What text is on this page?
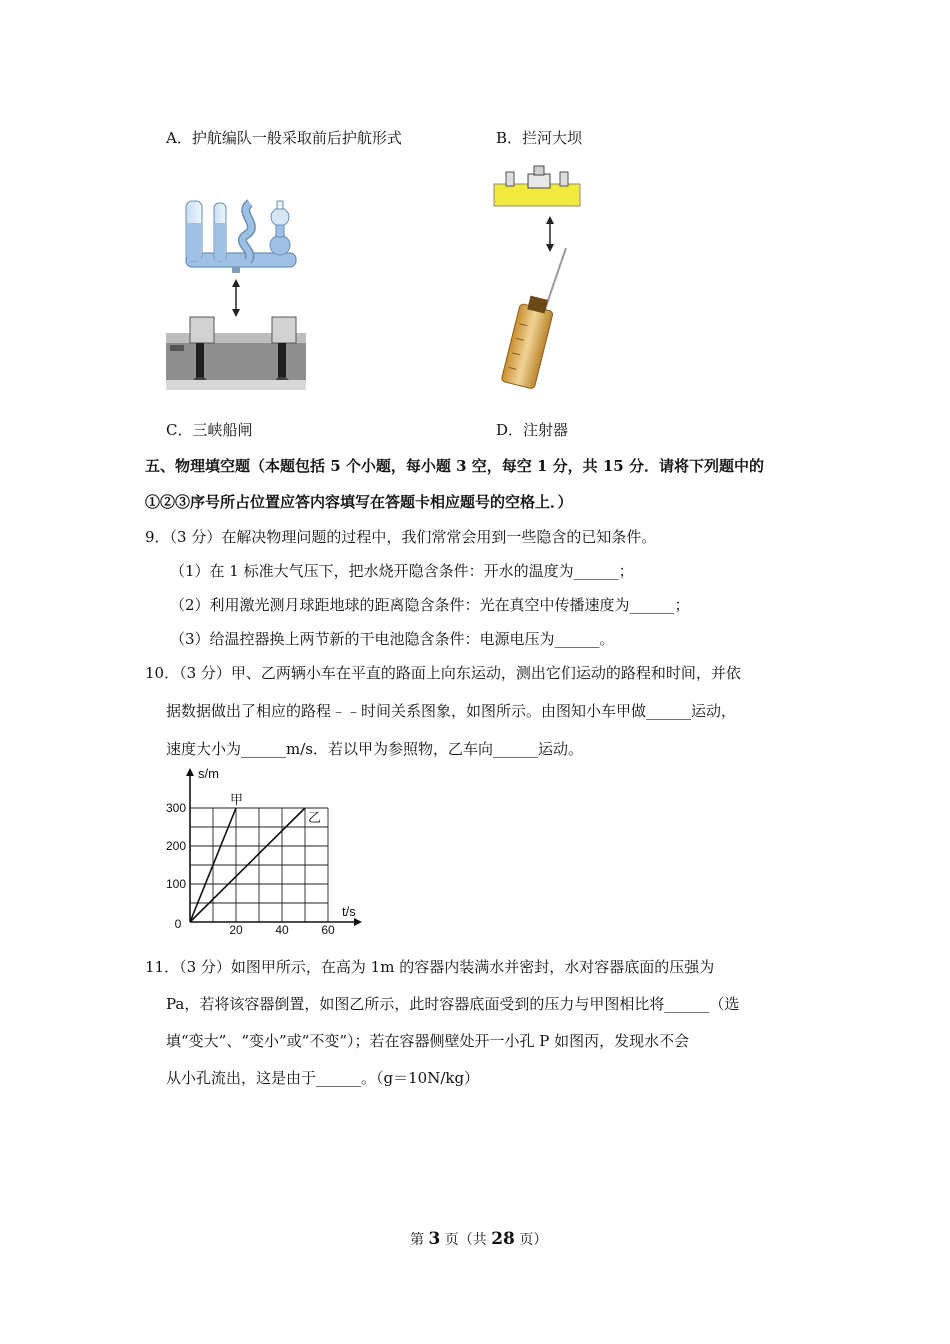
A．护航编队一般采取前后护航形式	B．拦河大坝
C．三峡船闸	D．注射器
五、物理填空题（本题包括 5 个小题，每小题 3 空，每空 1 分，共 15 分．请将下列题中的
①②③序号所占位置应答内容填写在答题卡相应题号的空格上．）
9．（3 分）在解决物理问题的过程中，我们常常会用到一些隐含的已知条件。
（1）在 1 标准大气压下，把水烧开隐含条件：开水的温度为______；
（2）利用激光测月球距地球的距离隐含条件：光在真空中传播速度为______；
（3）给温控器换上两节新的干电池隐含条件：电源电压为______。
10．（3 分）甲、乙两辆小车在平直的路面上向东运动，测出它们运动的路程和时间，并依
据数据做出了相应的路程﹣﹣时间关系图象，如图所示。由图知小车甲做______运动，
速度大小为______m/s．若以甲为参照物，乙车向______运动。
s/m
t/s
0	20	40	60
100
200
300
甲
乙
11．（3 分）如图甲所示，在高为 1m 的容器内装满水并密封，水对容器底面的压强为
Pa，若将该容器倒置，如图乙所示，此时容器底面受到的压力与甲图相比将______（选
填“变大”、“变小”或“不变”）；若在容器侧壁处开一小孔 P 如图丙，发现水不会
从小孔流出，这是由于______。（g＝10N/kg）
第 3 页（共 28 页）
